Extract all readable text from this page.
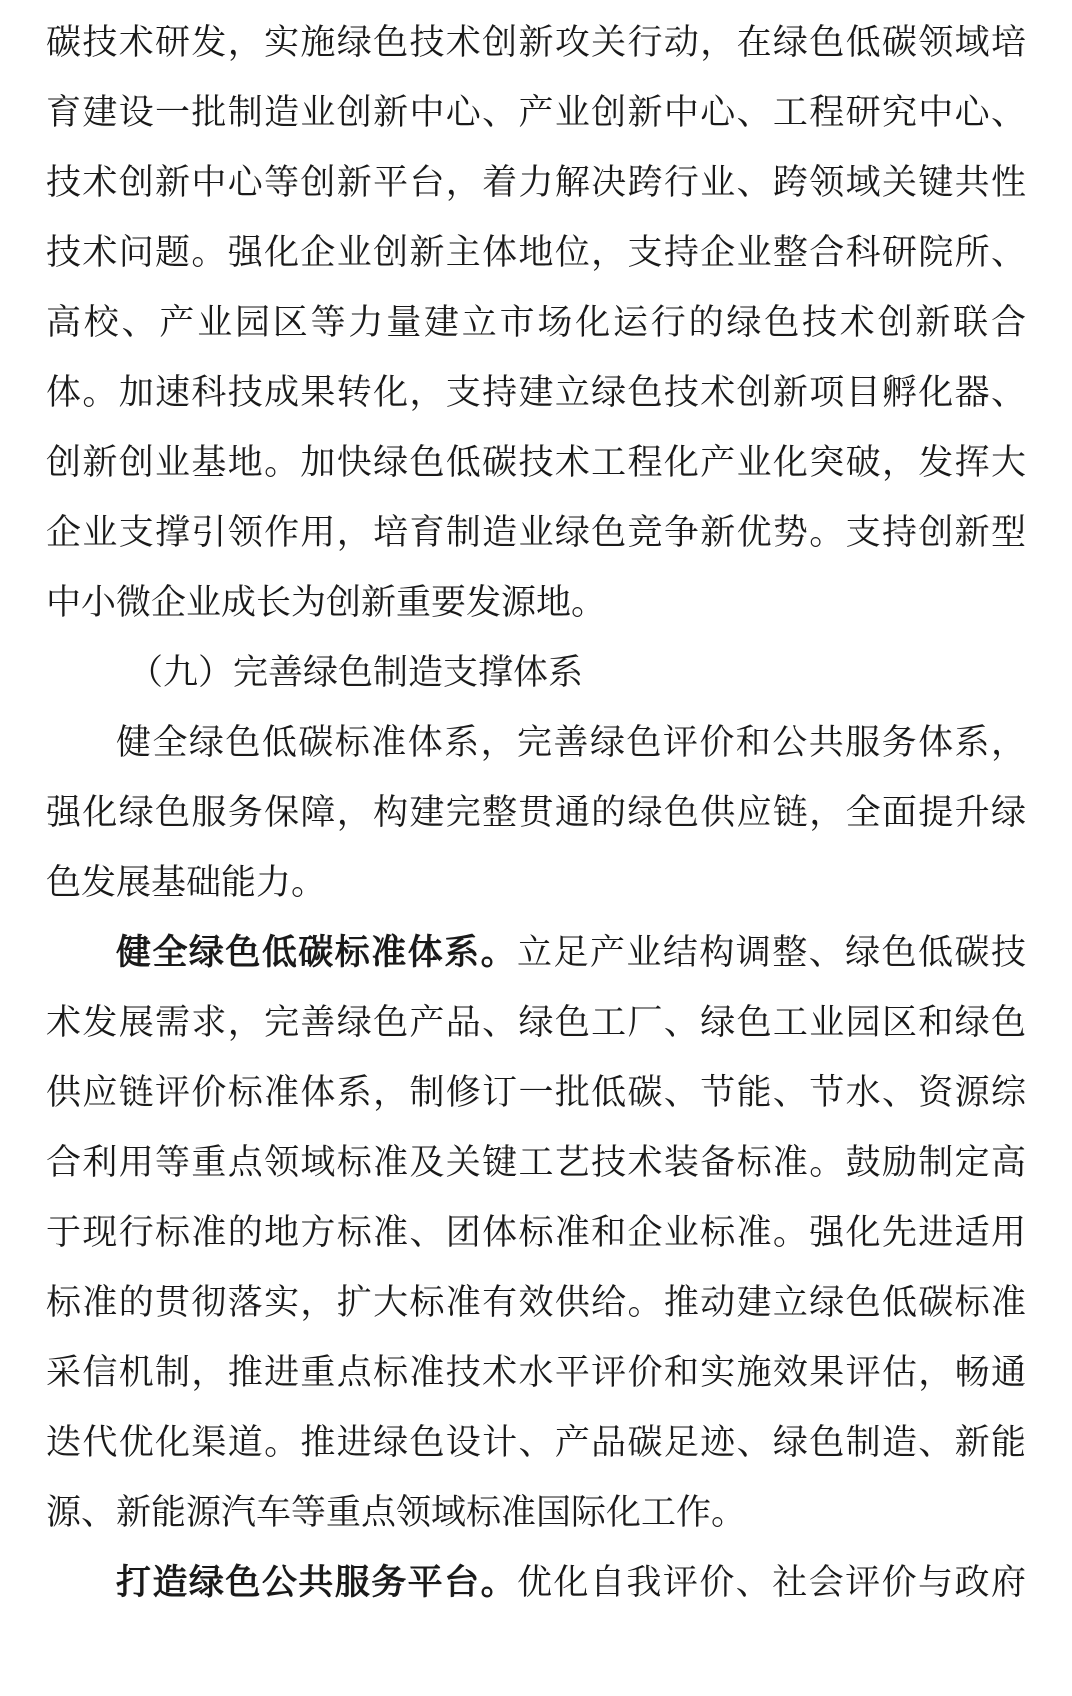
碳技术研发，实施绿色技术创新攻关行动，在绿色低碳领域培
育建设一批制造业创新中心、产业创新中心、工程研究中心、
技术创新中心等创新平台，着力解决跨行业、跨领域关键共性
技术问题。强化企业创新主体地位，支持企业整合科研院所、
高校、产业园区等力量建立市场化运行的绿色技术创新联合
体。加速科技成果转化，支持建立绿色技术创新项目孵化器、
创新创业基地。加快绿色低碳技术工程化产业化突破，发挥大
企业支撑引领作用，培育制造业绿色竞争新优势。支持创新型
中小微企业成长为创新重要发源地。
（九）完善绿色制造支撑体系
健全绿色低碳标准体系，完善绿色评价和公共服务体系，
强化绿色服务保障，构建完整贯通的绿色供应链，全面提升绿
色发展基础能力。
健全绿色低碳标准体系。立足产业结构调整、绿色低碳技
术发展需求，完善绿色产品、绿色工厂、绿色工业园区和绿色
供应链评价标准体系，制修订一批低碳、节能、节水、资源综
合利用等重点领域标准及关键工艺技术装备标准。鼓励制定高
于现行标准的地方标准、团体标准和企业标准。强化先进适用
标准的贯彻落实，扩大标准有效供给。推动建立绿色低碳标准
采信机制，推进重点标准技术水平评价和实施效果评估，畅通
迭代优化渠道。推进绿色设计、产品碳足迹、绿色制造、新能
源、新能源汽车等重点领域标准国际化工作。
打造绿色公共服务平台。优化自我评价、社会评价与政府
